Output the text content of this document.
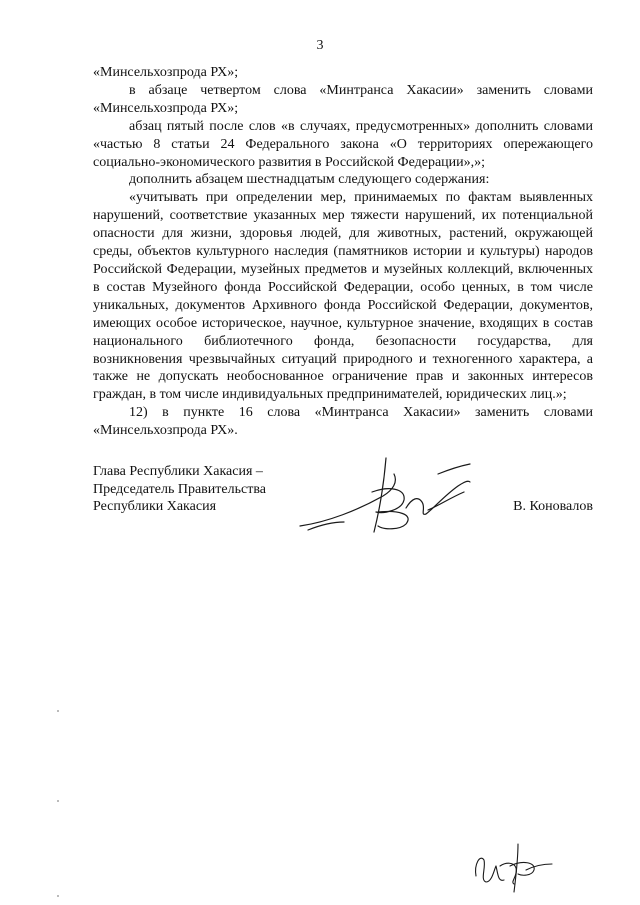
3

«Минсельхозпрода РХ»;

в абзаце четвертом слова «Минтранса Хакасии» заменить словами «Минсельхозпрода РХ»;

абзац пятый после слов «в случаях, предусмотренных» дополнить словами «частью 8 статьи 24 Федерального закона «О территориях опережающего социально-экономического развития в Российской Федерации»,»;

дополнить абзацем шестнадцатым следующего содержания:

«учитывать при определении мер, принимаемых по фактам выявленных нарушений, соответствие указанных мер тяжести нарушений, их потенциальной опасности для жизни, здоровья людей, для животных, растений, окружающей среды, объектов культурного наследия (памятников истории и культуры) народов Российской Федерации, музейных предметов и музейных коллекций, включенных в состав Музейного фонда Российской Федерации, особо ценных, в том числе уникальных, документов Архивного фонда Российской Федерации, документов, имеющих особое историческое, научное, культурное значение, входящих в состав национального библиотечного фонда, безопасности государства, для возникновения чрезвычайных ситуаций природного и техногенного характера, а также не допускать необоснованное ограничение прав и законных интересов граждан, в том числе индивидуальных предпринимателей, юридических лиц.»;

12) в пункте 16 слова «Минтранса Хакасии» заменить словами «Минсельхозпрода РХ».

Глава Республики Хакасия –
Председатель Правительства
Республики Хакасия	В. Коновалов
